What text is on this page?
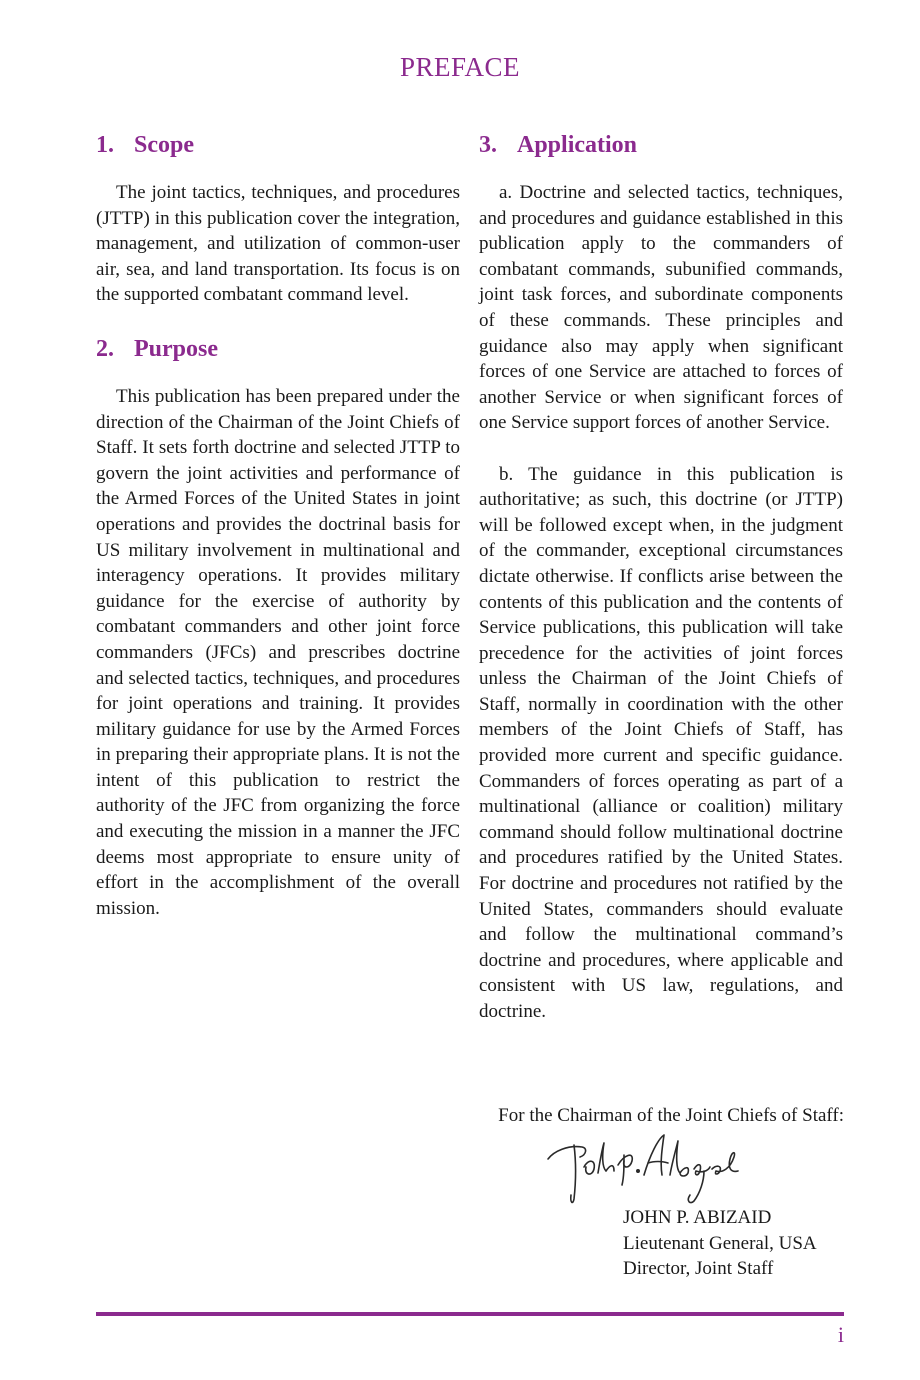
PREFACE
1. Scope

The joint tactics, techniques, and procedures (JTTP) in this publication cover the integration, management, and utilization of common-user air, sea, and land transportation. Its focus is on the supported combatant command level.

2. Purpose

This publication has been prepared under the direction of the Chairman of the Joint Chiefs of Staff. It sets forth doctrine and selected JTTP to govern the joint activities and performance of the Armed Forces of the United States in joint operations and provides the doctrinal basis for US military involvement in multinational and interagency operations. It provides military guidance for the exercise of authority by combatant commanders and other joint force commanders (JFCs) and prescribes doctrine and selected tactics, techniques, and procedures for joint operations and training. It provides military guidance for use by the Armed Forces in preparing their appropriate plans. It is not the intent of this publication to restrict the authority of the JFC from organizing the force and executing the mission in a manner the JFC deems most appropriate to ensure unity of effort in the accomplishment of the overall mission.

3. Application

a. Doctrine and selected tactics, techniques, and procedures and guidance established in this publication apply to the commanders of combatant commands, subunified commands, joint task forces, and subordinate components of these commands. These principles and guidance also may apply when significant forces of one Service are attached to forces of another Service or when significant forces of one Service support forces of another Service.

b. The guidance in this publication is authoritative; as such, this doctrine (or JTTP) will be followed except when, in the judgment of the commander, exceptional circumstances dictate otherwise. If conflicts arise between the contents of this publication and the contents of Service publications, this publication will take precedence for the activities of joint forces unless the Chairman of the Joint Chiefs of Staff, normally in coordination with the other members of the Joint Chiefs of Staff, has provided more current and specific guidance. Commanders of forces operating as part of a multinational (alliance or coalition) military command should follow multinational doctrine and procedures ratified by the United States. For doctrine and procedures not ratified by the United States, commanders should evaluate and follow the multinational command’s doctrine and procedures, where applicable and consistent with US law, regulations, and doctrine.

For the Chairman of the Joint Chiefs of Staff:
JOHN P. ABIZAID
Lieutenant General, USA
Director, Joint Staff
i
